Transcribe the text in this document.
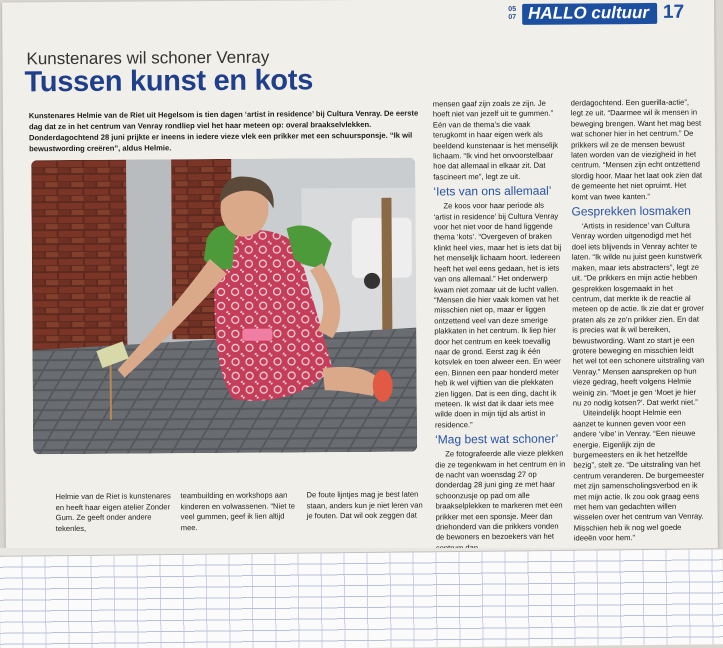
05
07 HALLO cultuur 17
Kunstenares wil schoner Venray
Tussen kunst en kots
Kunstenares Helmie van de Riet uit Hegelsom is tien dagen ‘artist in residence’ bij Cultura Venray. De eerste dag dat ze in het centrum van Venray rondliep viel het haar meteen op: overal braakselvlekken. Donderdagochtend 28 juni prijkte er ineens in iedere vieze vlek een prikker met een schuursponsje. “Ik wil bewustwording creëren”, aldus Helmie.
Helmie van de Riet is kunstenares en heeft haar eigen atelier Zonder Gum. Ze geeft onder andere tekenles,
teambuilding en workshops aan kinderen en volwassenen. “Niet te veel gummen, geef ik lien altijd mee.
De foute lijntjes mag je best laten staan, anders kun je niet leren van je fouten. Dat wil ook zeggen dat
mensen gaaf zijn zoals ze zijn. Je hoeft niet van jezelf uit te gummen.” Eén van de thema’s die vaak terugkomt in haar eigen werk als beeldend kunstenaar is het menselijk lichaam. “Ik vind het onvoorstelbaar hoe dat allemaal in elkaar zit. Dat fascineert me”, legt ze uit.
‘Iets van ons allemaal’
Ze koos voor haar periode als ‘artist in residence’ bij Cultura Venray voor het niet voor de hand liggende thema ‘kots’. “Overgeven of braken klinkt heel vies, maar het is iets dat bij het menselijk lichaam hoort. Iedereen heeft het wel eens gedaan, het is iets van ons allemaal.” Het onderwerp kwam niet zomaar uit de lucht vallen. “Mensen die hier vaak komen vat het misschien niet op, maar er liggen ontzettend veel van deze smerige plakkaten in het centrum. Ik liep hier door het centrum en keek toevallig naar de grond. Eerst zag ik één kotsvlek en toen alweer een. En weer een. Binnen een paar honderd meter heb ik wel vijftien van die plekkaten zien liggen. Dat is een ding, dacht ik meteen. Ik wist dat ik daar iets mee wilde doen in mijn tijd als artist in residence.”
‘Mag best wat schoner’
Ze fotografeerde alle vieze plekken die ze tegenkwam in het centrum en in de nacht van woensdag 27 op donderdag 28 juni ging ze met haar schoonzusje op pad om alle braakselplekken te markeren met een prikker met een sponsje. Meer dan driehonderd van die prikkers vonden de bewoners en bezoekers van het
derdagochtend. Een guerilla-actie”, legt ze uit. “Daarmee wil ik mensen in beweging brengen. Want het mag best wat schoner hier in het centrum.” De prikkers wil ze de mensen bewust laten worden van de viezigheid in het centrum. “Mensen zijn echt ontzettend slordig hoor. Maar het laat ook zien dat de gemeente het niet opruimt. Het komt van twee kanten.”
Gesprekken losmaken
‘Artists in residence’ van Cultura Venray worden uitgenodigd met het doel iets blijvends in Venray achter te laten. “Ik wilde nu juist geen kunstwerk maken, maar iets abstracters”, legt ze uit. “De prikkers en mijn actie hebben gesprekken losgemaakt in het centrum, dat merkte ik de reactie al meteen op de actie. Ik zie dat er grover praten als ze zo’n prikker zien. En dat is precies wat ik wil bereiken, bewustwording. Want zo start je een grotere beweging en misschien leidt het wel tot een schonere uitstraling van Venray.” Mensen aanspreken op hun vieze gedrag, heeft volgens Helmie weinig zin. “Moet je gen ‘Moet je hier nu zo nodig kotsen?’. Dat werkt niet.”
Uiteindelijk hoopt Helmie een aanzet te kunnen geven voor een andere ‘vibe’ in Venray. “Een nieuwe energie. Eigenlijk zijn de burgemeesters en ik het hetzelfde bezig”, stelt ze. “De uitstraling van het centrum veranderen. De burgemeester met zijn samenscholingsverbod en ik met mijn actie. Ik zou ook graag eens met hem van gedachten willen wisselen over het centrum van Venray. Misschien heb ik nog wel goede ideeën voor hem.”
